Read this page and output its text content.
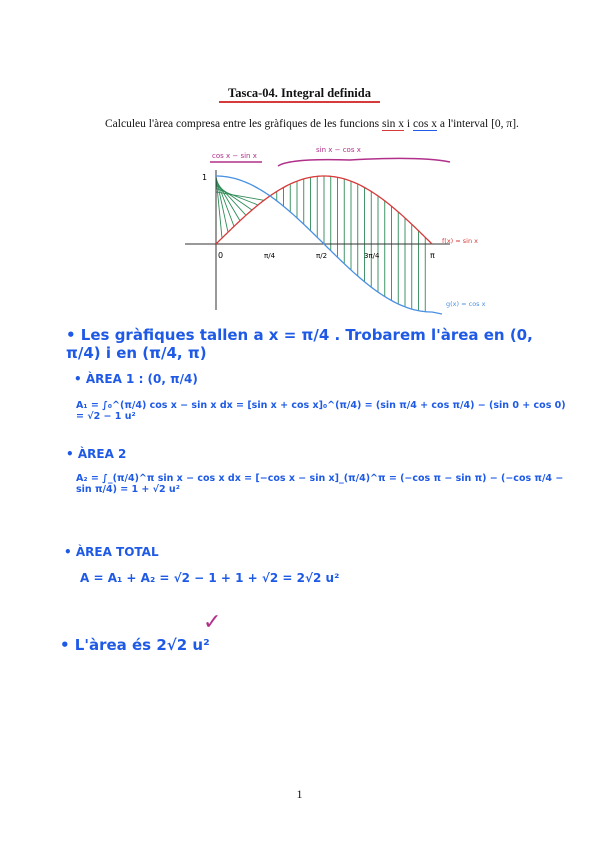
Tasca-04. Integral definida
Calculeu l'àrea compresa entre les gràfiques de les funcions sin x i cos x a l'interval [0, π].
cos x − sin x
sin x − cos x
1
0	π/4	π/2	3π/4	π
f(x) = sin x
g(x) = cos x
• Les gràfiques tallen a x = π/4 . Trobarem l'àrea en (0, π/4) i en (π/4, π)
• ÀREA 1 : (0, π/4)
A₁ = ∫₀^(π/4) cos x − sin x dx = [sin x + cos x]₀^(π/4) = (sin π/4 + cos π/4) − (sin 0 + cos 0) = √2 − 1 u²
• ÀREA 2
A₂ = ∫_(π/4)^π sin x − cos x dx = [−cos x − sin x]_(π/4)^π = (−cos π − sin π) − (−cos π/4 − sin π/4) = 1 + √2 u²
• ÀREA TOTAL
A = A₁ + A₂ = √2 − 1 + 1 + √2 = 2√2 u²
• L'àrea és 2√2 u²
✓
1
